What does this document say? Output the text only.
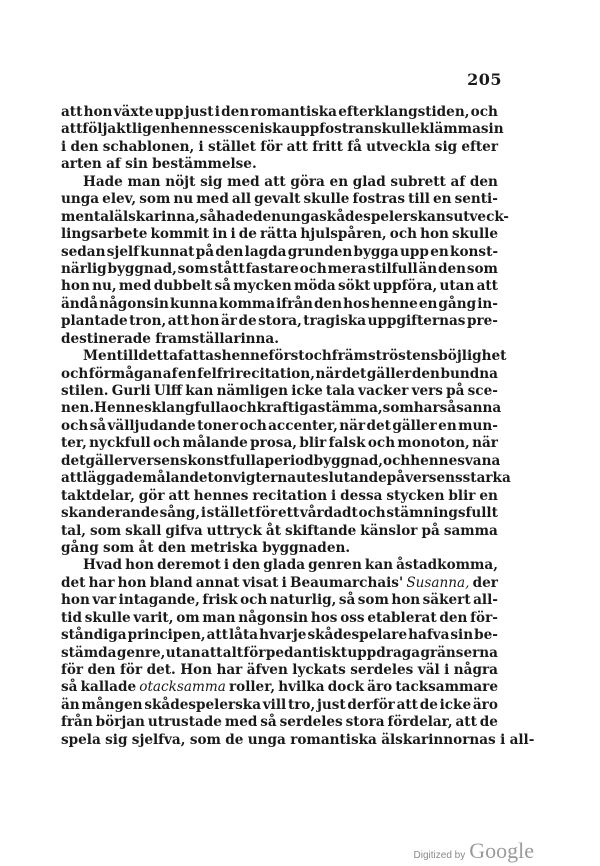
205
att hon växte upp just i den romantiska efterklangstiden, och
att följaktligen hennes sceniska uppfostran skulle klämmas in
i den schablonen, i stället för att fritt få utveckla sig efter
arten af sin bestämmelse.
Hade man nöjt sig med att göra en glad subrett af den
unga elev, som nu med all gevalt skulle fostras till en senti-
mental älskarinna, så hade den unga skådespelerskans utveck-
lingsarbete kommit in i de rätta hjulspåren, och hon skulle
sedan sjelf kunnat på den lagda grunden bygga upp en konst-
närlig byggnad, som stått fastare och mera stilfull än den som
hon nu, med dubbelt så mycken möda sökt uppföra, utan att
ändå någonsin kunna komma ifrån den hos henne en gång in-
plantade tron, att hon är de stora, tragiska uppgifternas pre-
destinerade framställarinna.
Men till detta fattas henne först och främst röstens böjlighet
och förmågan af en felfri recitation, när det gäller den bundna
stilen. Gurli Ulff kan nämligen icke tala vacker vers på sce-
nen. Hennes klangfulla och kraftiga stämma, som har så sanna
och så välljudande toner och accenter, när det gäller en mun-
ter, nyckfull och målande prosa, blir falsk och monoton, när
det gäller versens konstfulla periodbyggnad, och hennes vana
att lägga de målande tonvigterna uteslutande på versens starka
taktdelar, gör att hennes recitation i dessa stycken blir en
skanderande sång, i stället för ett vårdadt och stämningsfullt
tal, som skall gifva uttryck åt skiftande känslor på samma
gång som åt den metriska byggnaden.
Hvad hon deremot i den glada genren kan åstadkomma,
det har hon bland annat visat i Beaumarchais' Susanna, der
hon var intagande, frisk och naturlig, så som hon säkert all-
tid skulle varit, om man någonsin hos oss etablerat den för-
ståndiga principen, att låta hvarje skådespelare hafva sin be-
stämda genre, utan att alt för pedantiskt uppdraga gränserna
för den för det. Hon har äfven lyckats serdeles väl i några
så kallade otacksamma roller, hvilka dock äro tacksammare
än mången skådespelerska vill tro, just derför att de icke äro
från början utrustade med så serdeles stora fördelar, att de
spela sig sjelfva, som de unga romantiska älskarinnornas i all-
Digitized by Google
